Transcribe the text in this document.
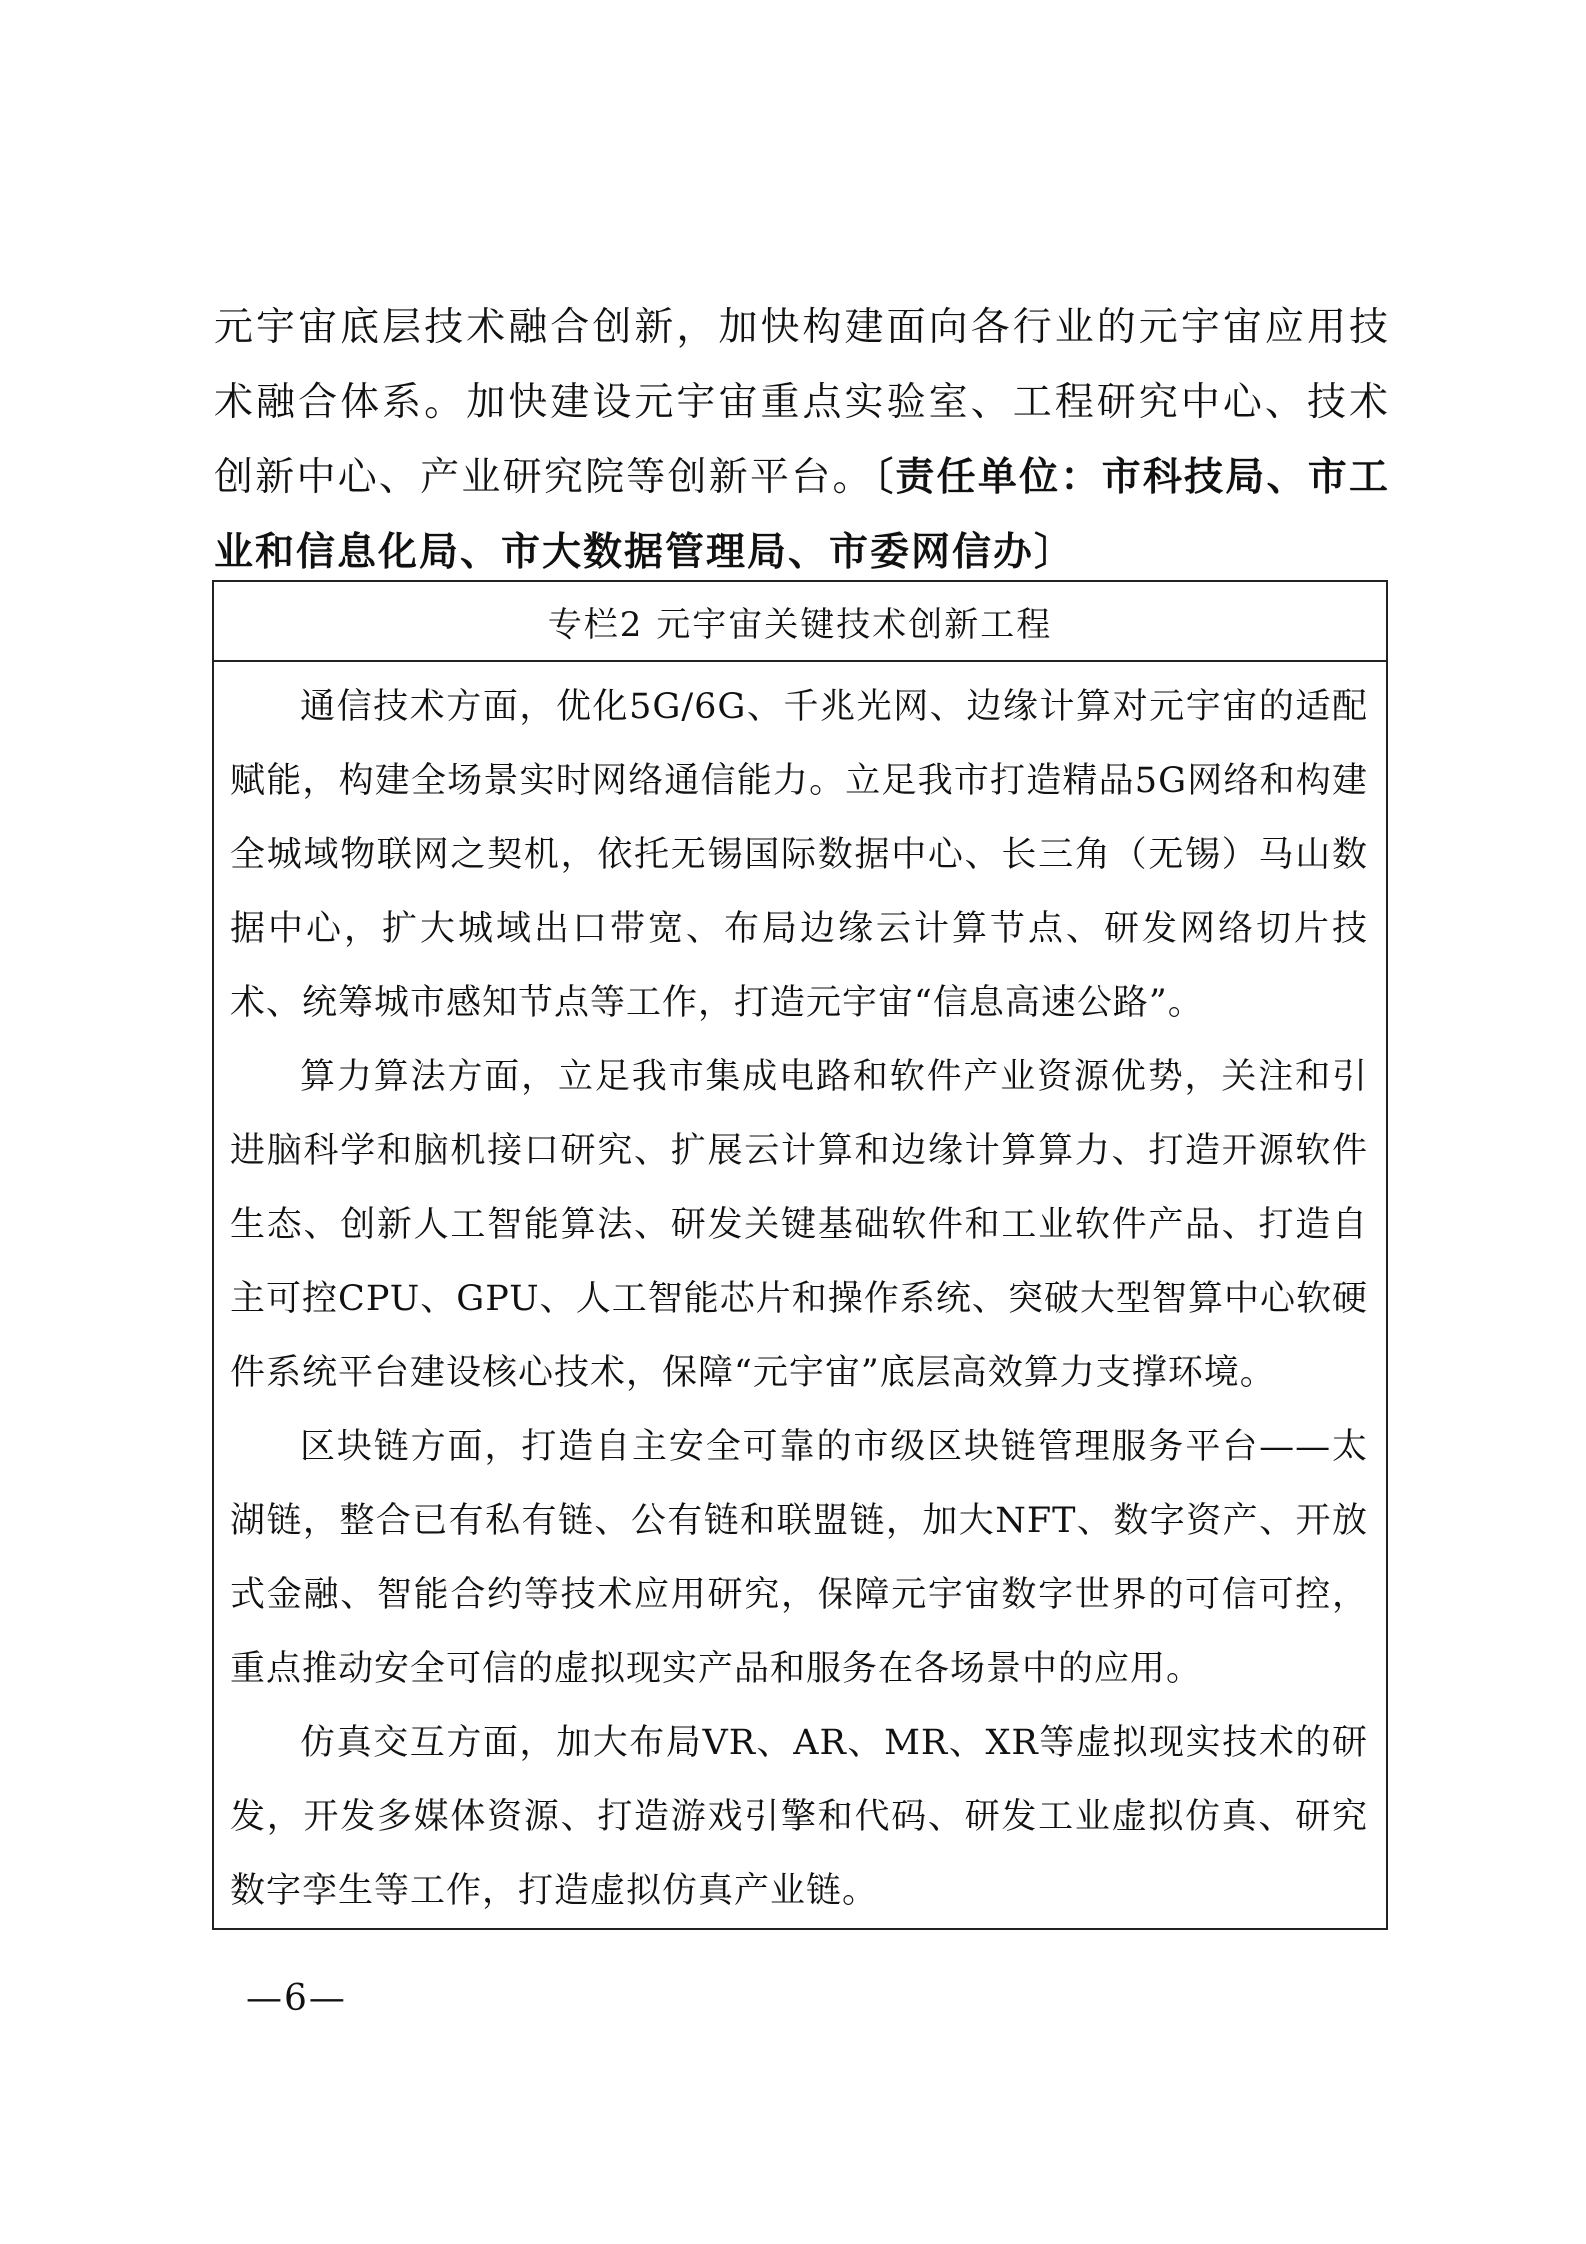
元宇宙底层技术融合创新，加快构建面向各行业的元宇宙应用技术融合体系。加快建设元宇宙重点实验室、工程研究中心、技术创新中心、产业研究院等创新平台。〔责任单位：市科技局、市工业和信息化局、市大数据管理局、市委网信办〕

专栏2 元宇宙关键技术创新工程

通信技术方面，优化5G/6G、千兆光网、边缘计算对元宇宙的适配赋能，构建全场景实时网络通信能力。立足我市打造精品5G网络和构建全城域物联网之契机，依托无锡国际数据中心、长三角（无锡）马山数据中心，扩大城域出口带宽、布局边缘云计算节点、研发网络切片技术、统筹城市感知节点等工作，打造元宇宙“信息高速公路”。

算力算法方面，立足我市集成电路和软件产业资源优势，关注和引进脑科学和脑机接口研究、扩展云计算和边缘计算算力、打造开源软件生态、创新人工智能算法、研发关键基础软件和工业软件产品、打造自主可控CPU、GPU、人工智能芯片和操作系统、突破大型智算中心软硬件系统平台建设核心技术，保障“元宇宙”底层高效算力支撑环境。

区块链方面，打造自主安全可靠的市级区块链管理服务平台——太湖链，整合已有私有链、公有链和联盟链，加大NFT、数字资产、开放式金融、智能合约等技术应用研究，保障元宇宙数字世界的可信可控，重点推动安全可信的虚拟现实产品和服务在各场景中的应用。

仿真交互方面，加大布局VR、AR、MR、XR等虚拟现实技术的研发，开发多媒体资源、打造游戏引擎和代码、研发工业虚拟仿真、研究数字孪生等工作，打造虚拟仿真产业链。

—6—
